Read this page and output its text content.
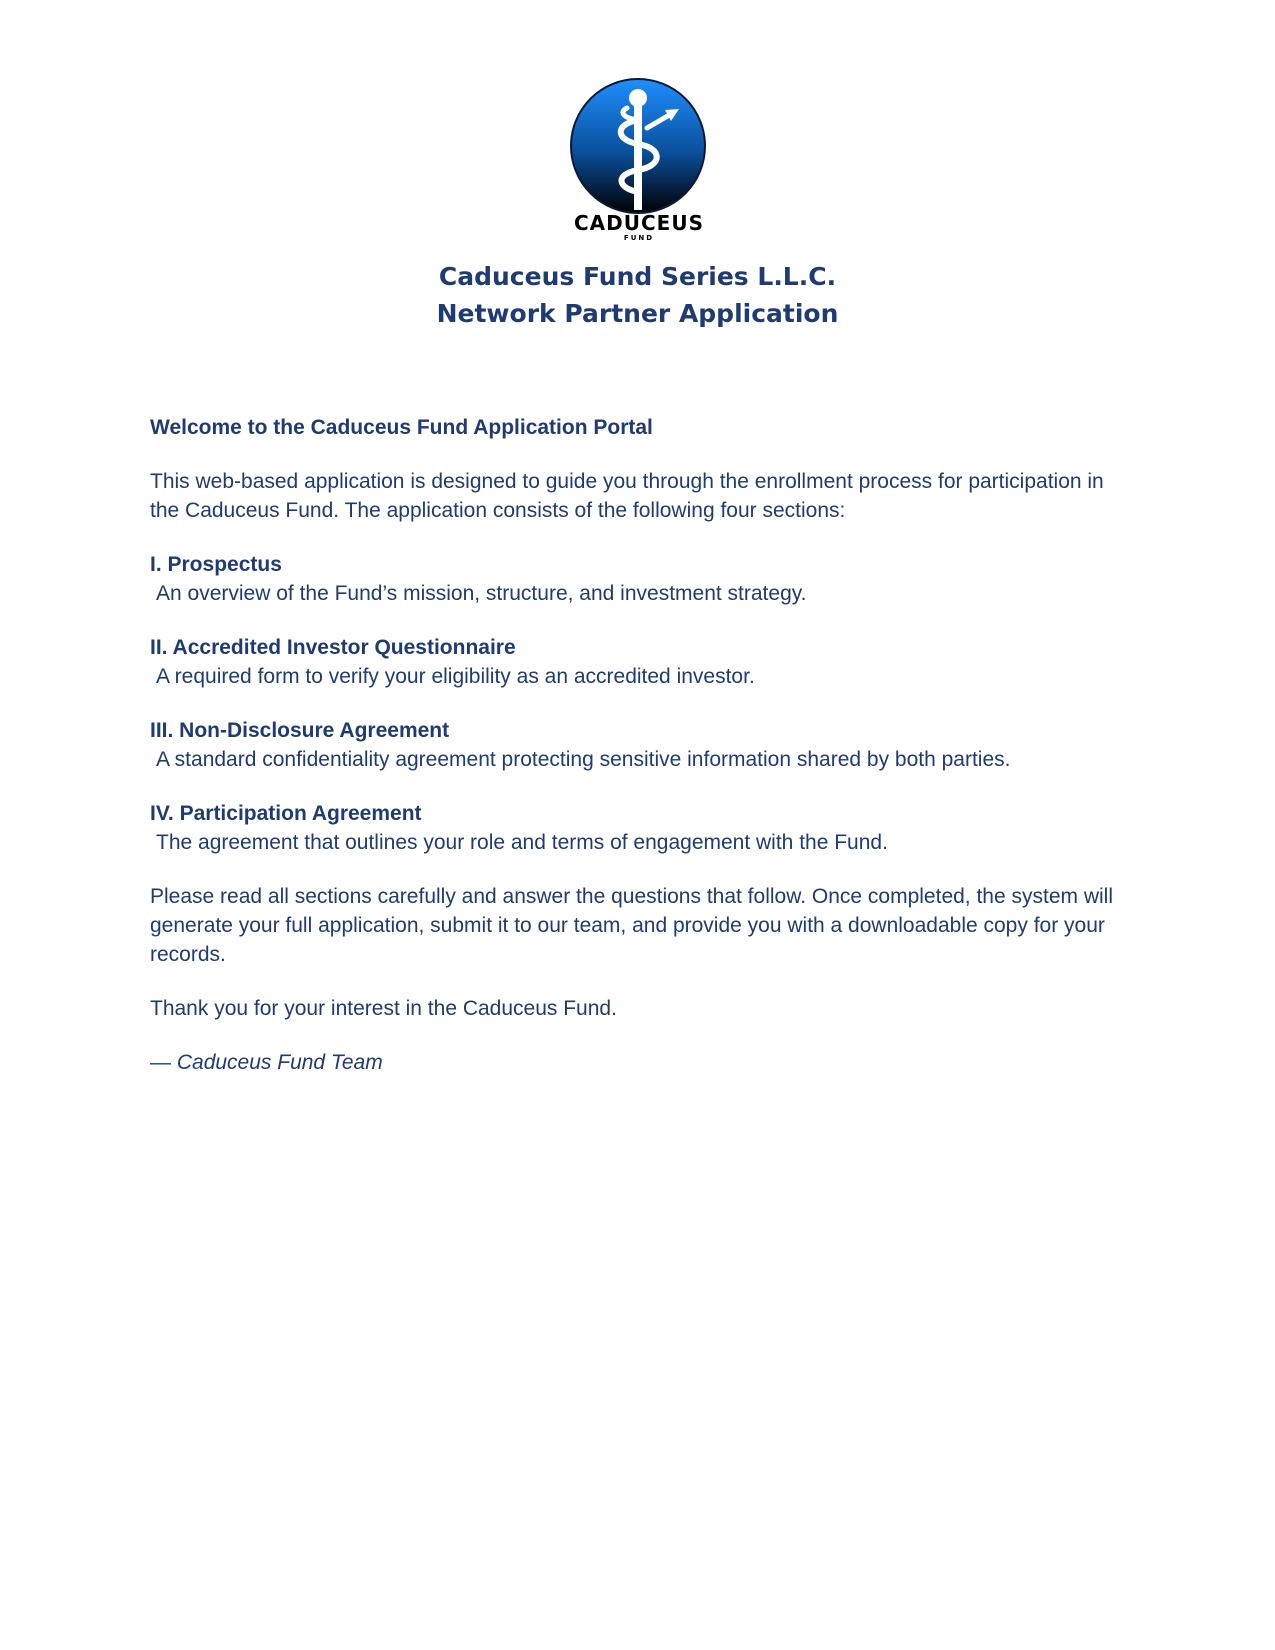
CADUCEUS
FUND
Caduceus Fund Series L.L.C.
Network Partner Application

Welcome to the Caduceus Fund Application Portal

This web-based application is designed to guide you through the enrollment process for participation in the Caduceus Fund. The application consists of the following four sections:

I. Prospectus
An overview of the Fund’s mission, structure, and investment strategy.
II. Accredited Investor Questionnaire
A required form to verify your eligibility as an accredited investor.
III. Non-Disclosure Agreement
A standard confidentiality agreement protecting sensitive information shared by both parties.
IV. Participation Agreement
The agreement that outlines your role and terms of engagement with the Fund.

Please read all sections carefully and answer the questions that follow. Once completed, the system will generate your full application, submit it to our team, and provide you with a downloadable copy for your records.

Thank you for your interest in the Caduceus Fund.

— Caduceus Fund Team
